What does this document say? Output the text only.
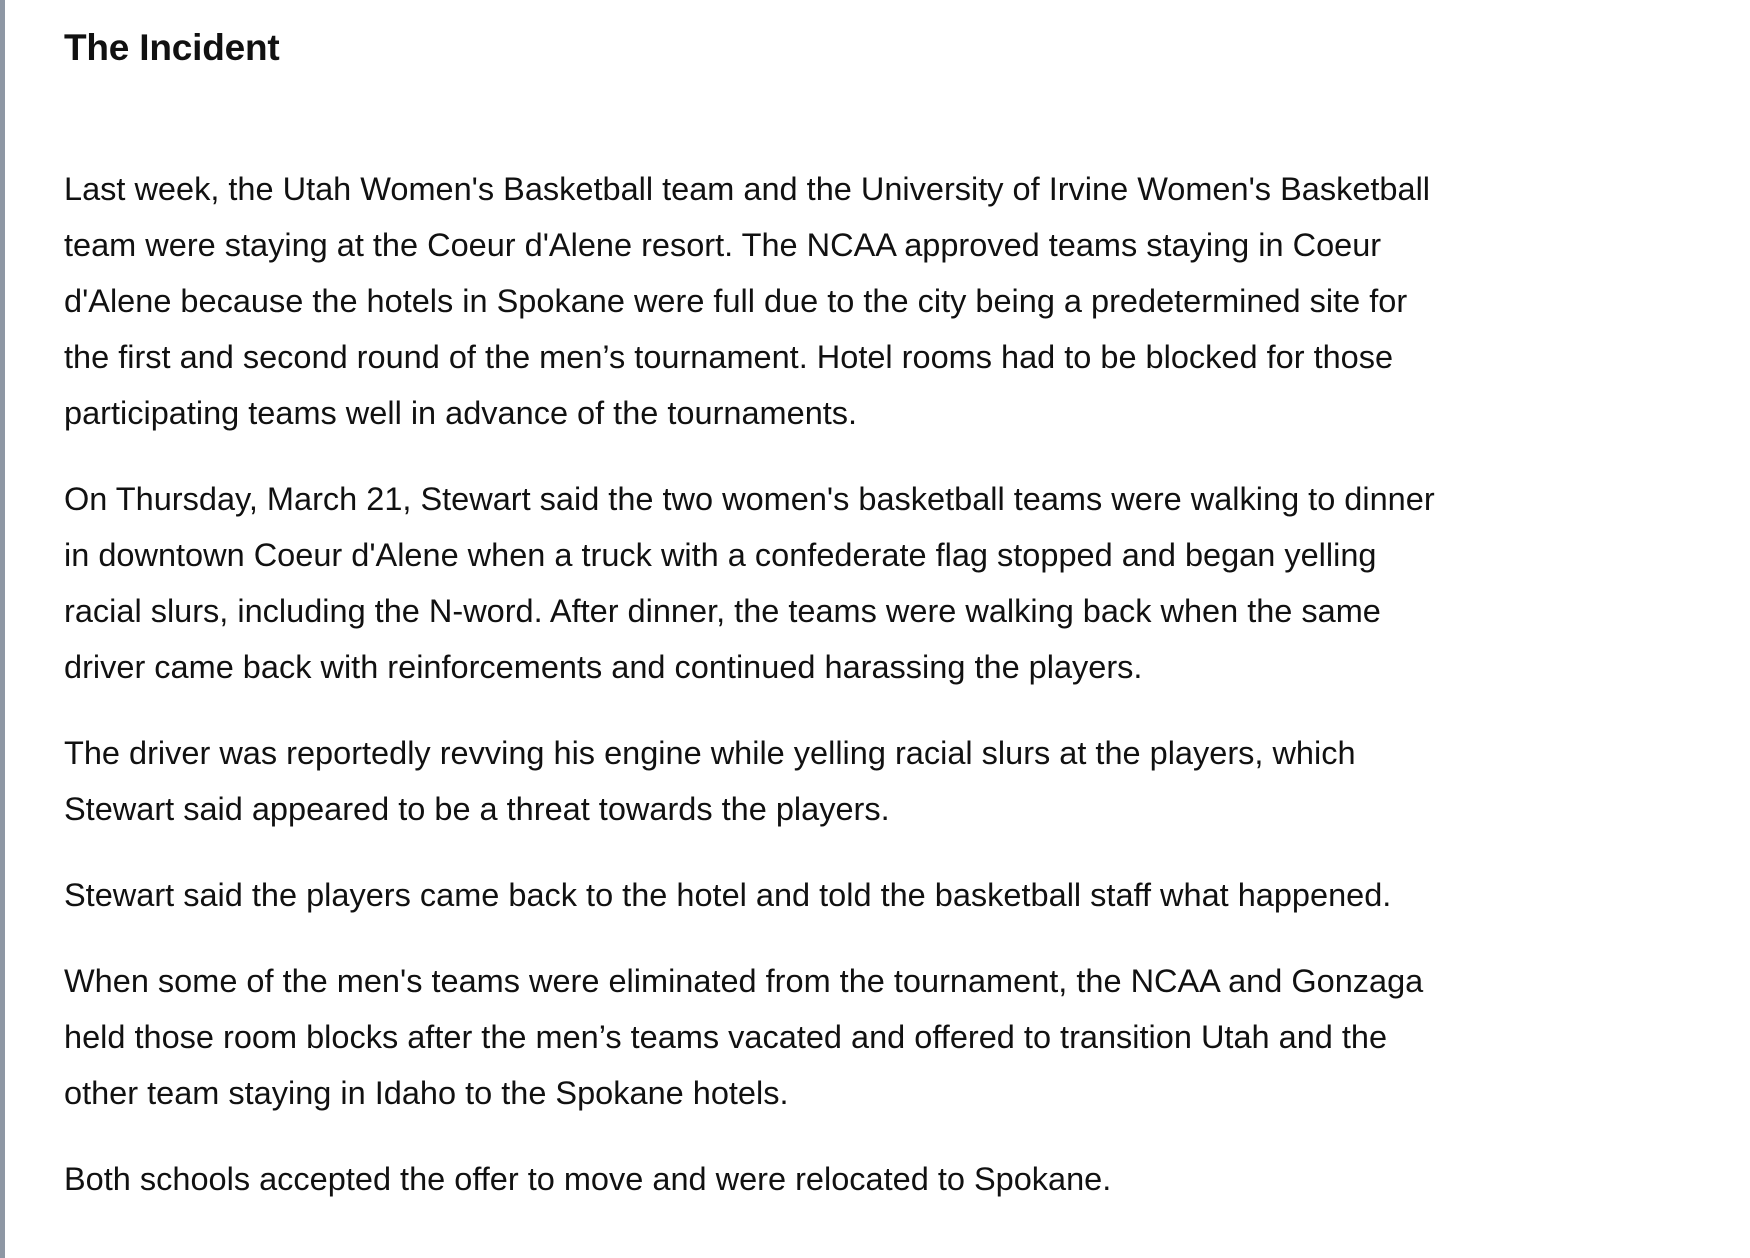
The Incident

Last week, the Utah Women's Basketball team and the University of Irvine Women's Basketball
team were staying at the Coeur d'Alene resort. The NCAA approved teams staying in Coeur
d'Alene because the hotels in Spokane were full due to the city being a predetermined site for
the first and second round of the men’s tournament. Hotel rooms had to be blocked for those
participating teams well in advance of the tournaments.

On Thursday, March 21, Stewart said the two women's basketball teams were walking to dinner
in downtown Coeur d'Alene when a truck with a confederate flag stopped and began yelling
racial slurs, including the N-word. After dinner, the teams were walking back when the same
driver came back with reinforcements and continued harassing the players.

The driver was reportedly revving his engine while yelling racial slurs at the players, which
Stewart said appeared to be a threat towards the players.

Stewart said the players came back to the hotel and told the basketball staff what happened.

When some of the men's teams were eliminated from the tournament, the NCAA and Gonzaga
held those room blocks after the men’s teams vacated and offered to transition Utah and the
other team staying in Idaho to the Spokane hotels.

Both schools accepted the offer to move and were relocated to Spokane.
